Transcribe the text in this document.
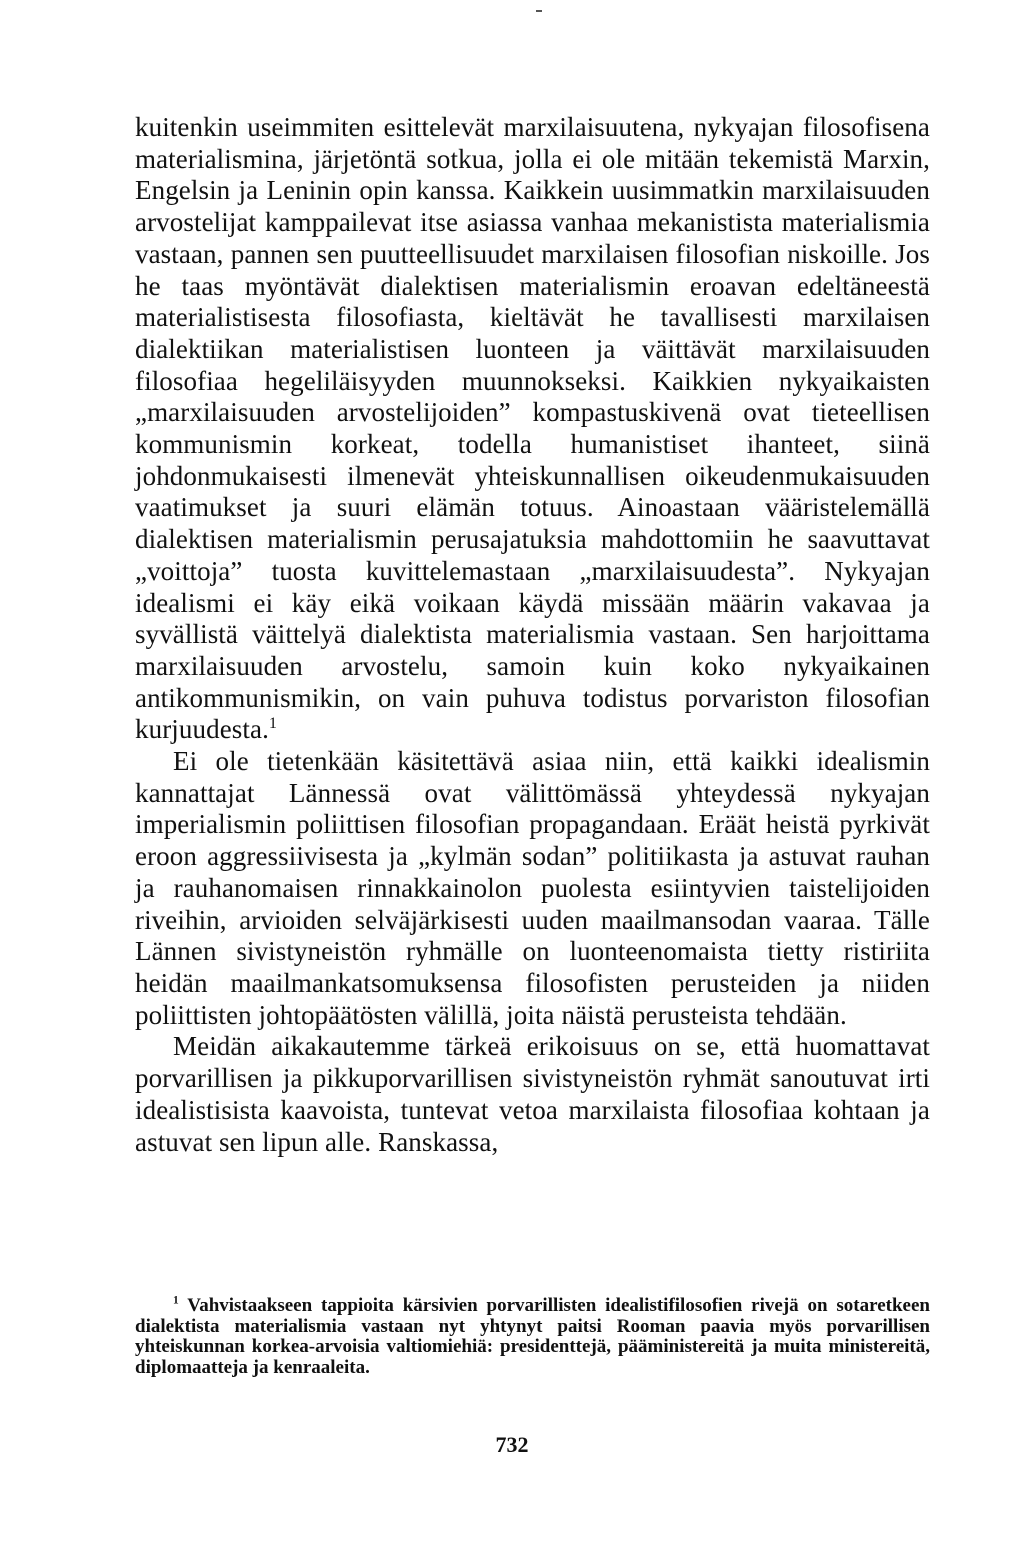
kuitenkin useimmiten esittelevät marxilaisuutena, nykyajan filosofisena materialismina, järjetöntä sotkua, jolla ei ole mitään tekemistä Marxin, Engelsin ja Leninin opin kanssa. Kaikkein uusimmatkin marxilaisuuden arvostelijat kamppailevat itse asiassa vanhaa mekanistista materialismia vastaan, pannen sen puutteellisuudet marxilaisen filosofian niskoille. Jos he taas myöntävät dialektisen materialismin eroavan edeltäneestä materialistisesta filosofiasta, kieltävät he tavallisesti marxilaisen dialektiikan materialistisen luonteen ja väittävät marxilaisuuden filosofiaa hegeliläisyyden muunnokseksi. Kaikkien nykyaikaisten „marxilaisuuden arvostelijoiden” kompastuskivenä ovat tieteellisen kommunismin korkeat, todella humanistiset ihanteet, siinä johdonmukaisesti ilmenevät yhteiskunnallisen oikeudenmukaisuuden vaatimukset ja suuri elämän totuus. Ainoastaan vääristelemällä dialektisen materialismin perusajatuksia mahdottomiin he saavuttavat „voittoja” tuosta kuvittelemastaan „marxilaisuudesta”. Nykyajan idealismi ei käy eikä voikaan käydä missään määrin vakavaa ja syvällistä väittelyä dialektista materialismia vastaan. Sen harjoittama marxilaisuuden arvostelu, samoin kuin koko nykyaikainen antikommunismikin, on vain puhuva todistus porvariston filosofian kurjuudesta.$^1$

Ei ole tietenkään käsitettävä asiaa niin, että kaikki idealismin kannattajat Lännessä ovat välittömässä yhteydessä nykyajan imperialismin poliittisen filosofian propagandaan. Eräät heistä pyrkivät eroon aggressiivisesta ja „kylmän sodan” politiikasta ja astuvat rauhan ja rauhanomaisen rinnakkainolon puolesta esiintyvien taistelijoiden riveihin, arvioiden selväjärkisesti uuden maailmansodan vaaraa. Tälle Lännen sivistyneistön ryhmälle on luonteenomaista tietty ristiriita heidän maailmankatsomuksensa filosofisten perusteiden ja niiden poliittisten johtopäätösten välillä, joita näistä perusteista tehdään.

Meidän aikakautemme tärkeä erikoisuus on se, että huomattavat porvarillisen ja pikkuporvarillisen sivistyneistön ryhmät sanoutuvat irti idealistisista kaavoista, tuntevat vetoa marxilaista filosofiaa kohtaan ja astuvat sen lipun alle. Ranskassa,

$^1$ Vahvistaakseen tappioita kärsivien porvarillisten idealistifilosofien rivejä on sotaretkeen dialektista materialismia vastaan nyt yhtynyt paitsi Rooman paavia myös porvarillisen yhteiskunnan korkea-arvoisia valtiomiehiä: presidenttejä, pääministereitä ja muita ministereitä, diplomaatteja ja kenraaleita.

732
